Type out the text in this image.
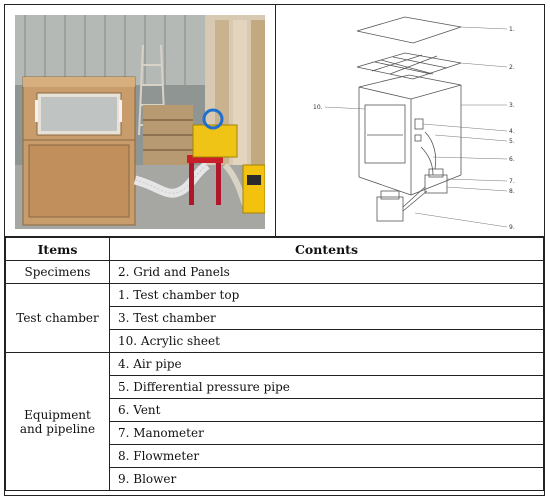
1.
2.
3.
4.
5.
6.
7.
8.
9.
10.
Items	Contents
Specimens	2. Grid and Panels
Test chamber	1. Test chamber top
	3. Test chamber
	10. Acrylic sheet
Equipment
and pipeline	4. Air pipe
	5. Differential pressure pipe
	6. Vent
	7. Manometer
	8. Flowmeter
	9. Blower
